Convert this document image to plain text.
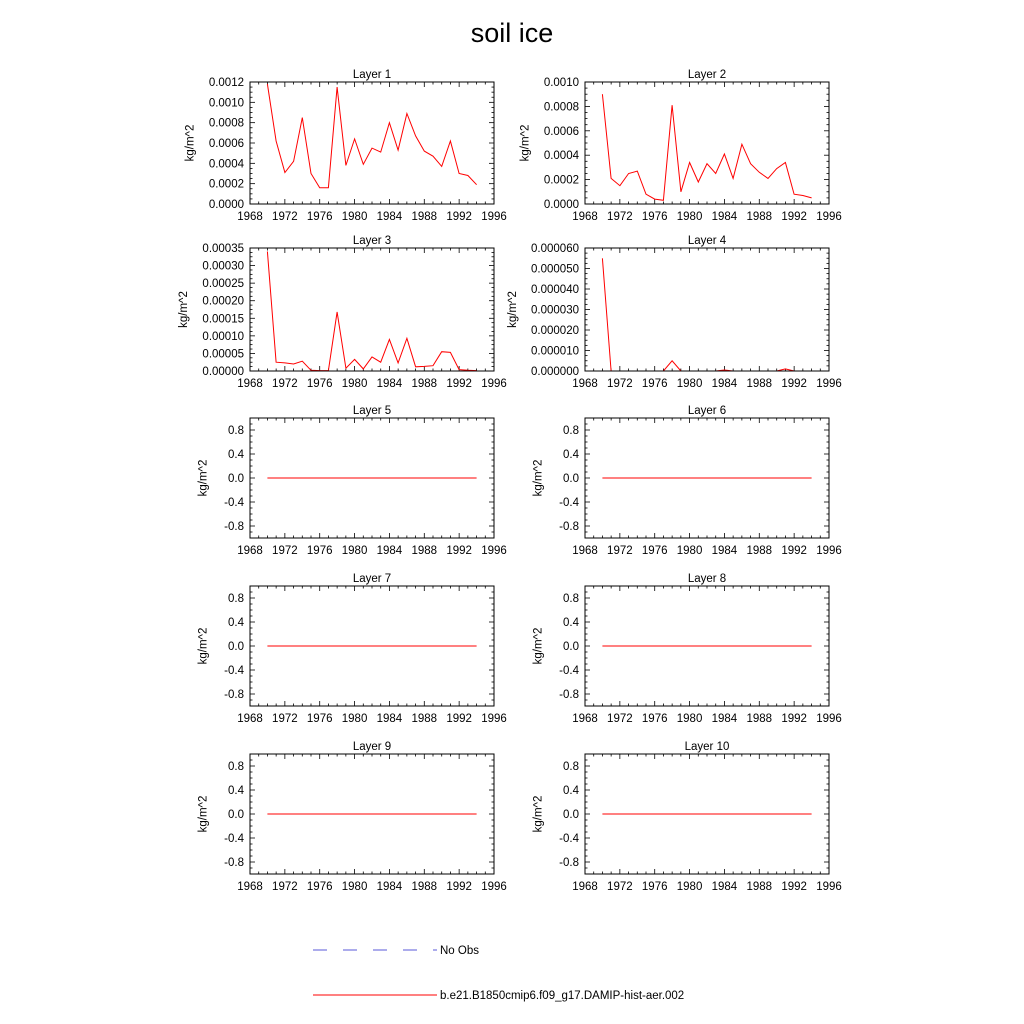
soil ice
Layer 1
1968 1972 1976 1980 1984 1988 1992 1996
0.0000
0.0002
0.0004
0.0006
0.0008
0.0010
0.0012
kg/m^2
Layer 2
1968 1972 1976 1980 1984 1988 1992 1996
0.0000
0.0002
0.0004
0.0006
0.0008
0.0010
kg/m^2
Layer 3
1968 1972 1976 1980 1984 1988 1992 1996
0.00000
0.00005
0.00010
0.00015
0.00020
0.00025
0.00030
0.00035
kg/m^2
Layer 4
1968 1972 1976 1980 1984 1988 1992 1996
0.000000
0.000010
0.000020
0.000030
0.000040
0.000050
0.000060
kg/m^2
Layer 5
1968 1972 1976 1980 1984 1988 1992 1996
-0.8
-0.4
0.0
0.4
0.8
kg/m^2
Layer 6
1968 1972 1976 1980 1984 1988 1992 1996
-0.8
-0.4
0.0
0.4
0.8
kg/m^2
Layer 7
1968 1972 1976 1980 1984 1988 1992 1996
-0.8
-0.4
0.0
0.4
0.8
kg/m^2
Layer 8
1968 1972 1976 1980 1984 1988 1992 1996
-0.8
-0.4
0.0
0.4
0.8
kg/m^2
Layer 9
1968 1972 1976 1980 1984 1988 1992 1996
-0.8
-0.4
0.0
0.4
0.8
kg/m^2
Layer 10
1968 1972 1976 1980 1984 1988 1992 1996
-0.8
-0.4
0.0
0.4
0.8
kg/m^2
No Obs
b.e21.B1850cmip6.f09_g17.DAMIP-hist-aer.002
